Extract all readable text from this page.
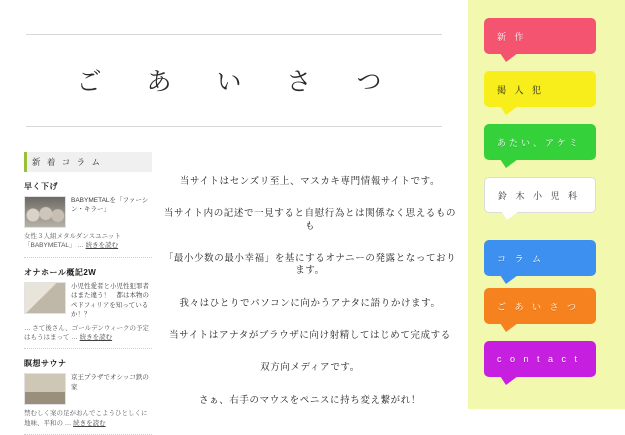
ご　あ　い　さ　つ
新 着 コ ラ ム
早く下げ
BABYMETALを「ファーシン・キラー」
女性３人組メタルダンスユニット「BABYMETAL」 … 続きを読む
オナホール概記2W
小児性愛者と小児性犯罪者はまた違う！　都は本物のペドフィリアを知っているか！？
… さて後さん、ゴールデンウィークの予定はもうはまって … 続きを読む
瞑想サウナ
京王プラザでオシッコ鉄の家
禁むしく案の足がおんでこようひとしくに地味、平和の … 続きを読む

当サイトはセンズリ至上、マスカキ専門情報サイトです。

当サイト内の記述で一見すると自慰行為とは関係なく思えるものも

「最小少数の最小幸福」を基にするオナニーの発露となっております。

我々はひとりでパソコンに向かうアナタに語りかけます。

当サイトはアナタがブラウザに向け射精してはじめて完成する

双方向メディアです。

さぁ、右手のマウスをペニスに持ち変え繋がれ！

新 作
掲 人 犯
あたい、アケミ
鈴 木 小 児 科
コ ラ ム
ご あ い さ つ
c o n t a c t
